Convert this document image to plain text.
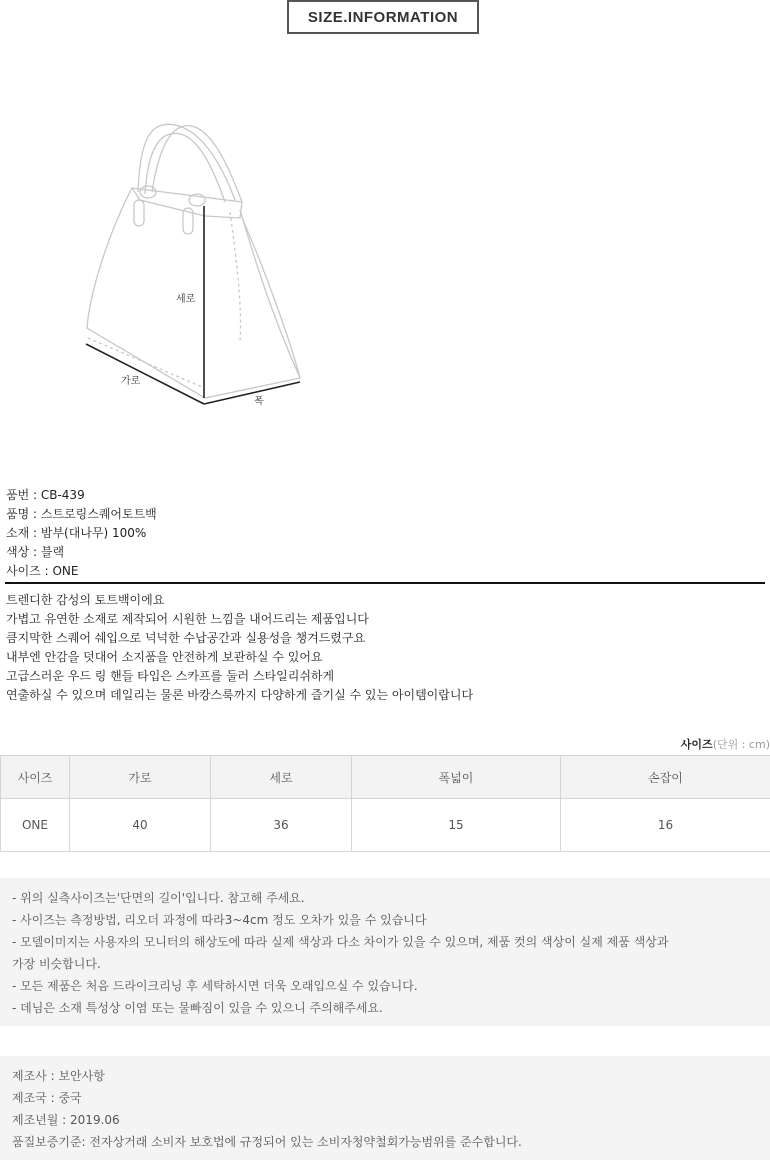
SIZE.INFORMATION
세로
가로
폭
품번 : CB-439
품명 : 스트로링스퀘어토트백
소재 : 밤부(대나무) 100%
색상 : 블랙
사이즈 : ONE
트렌디한 감성의 토트백이에요
가볍고 유연한 소재로 제작되어 시원한 느낌을 내어드리는 제품입니다
큼지막한 스퀘어 쉐입으로 넉넉한 수납공간과 실용성을 챙겨드렸구요
내부엔 안감을 덧대어 소지품을 안전하게 보관하실 수 있어요
고급스러운 우드 링 핸들 타입은 스카프를 둘러 스타일리쉬하게
연출하실 수 있으며 데일리는 물론 바캉스룩까지 다양하게 즐기실 수 있는 아이템이랍니다
사이즈(단위 : cm)
사이즈	가로	세로	폭넓이	손잡이
ONE	40	36	15	16
- 위의 실측사이즈는'단면의 길이'입니다. 참고해 주세요.
- 사이즈는 측정방법, 리오더 과정에 따라3~4cm 정도 오차가 있을 수 있습니다
- 모델이미지는 사용자의 모니터의 해상도에 따라 실제 색상과 다소 차이가 있을 수 있으며, 제품 컷의 색상이 실제 제품 색상과
가장 비슷합니다.
- 모든 제품은 처음 드라이크리닝 후 세탁하시면 더욱 오래입으실 수 있습니다.
- 데님은 소재 특성상 이염 또는 물빠짐이 있을 수 있으니 주의해주세요.
제조사 : 보안사항
제조국 : 중국
제조년월 : 2019.06
품질보증기준: 전자상거래 소비자 보호법에 규정되어 있는 소비자청약철회가능범위를 준수합니다.
